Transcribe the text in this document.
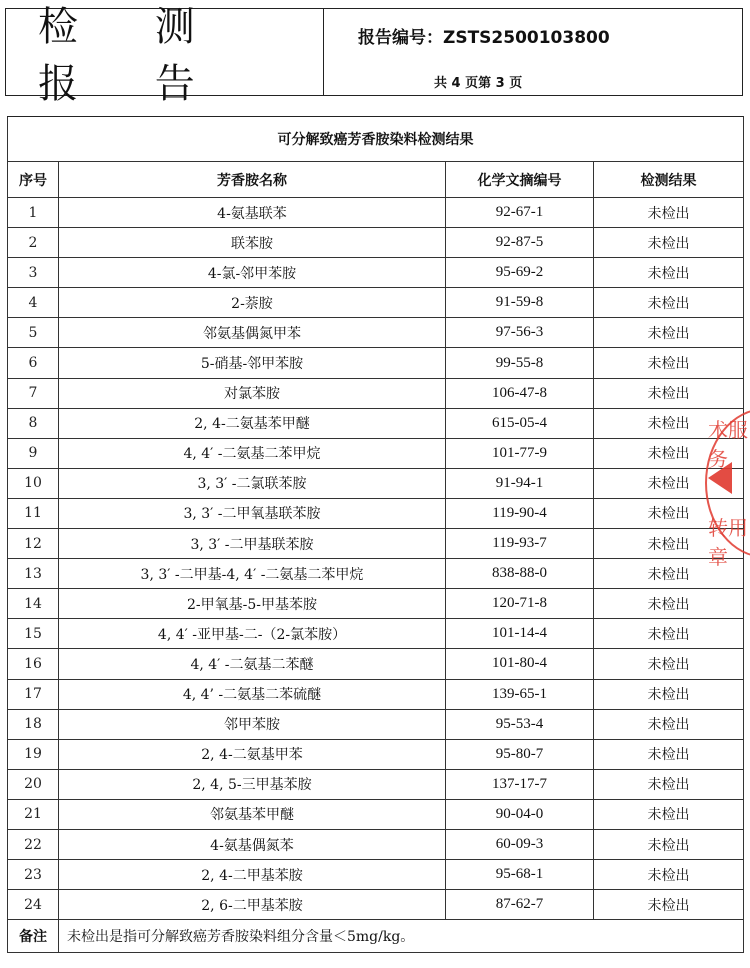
检 测 报 告
报告编号：ZSTS2500103800
共 4 页第 3 页
可分解致癌芳香胺染料检测结果			
序号	芳香胺名称	化学文摘编号	检测结果
1	4-氨基联苯	92-67-1	未检出
2	联苯胺	92-87-5	未检出
3	4-氯-邻甲苯胺	95-69-2	未检出
4	2-萘胺	91-59-8	未检出
5	邻氨基偶氮甲苯	97-56-3	未检出
6	5-硝基-邻甲苯胺	99-55-8	未检出
7	对氯苯胺	106-47-8	未检出
8	2, 4-二氨基苯甲醚	615-05-4	未检出
9	4, 4′ -二氨基二苯甲烷	101-77-9	未检出
10	3, 3′ -二氯联苯胺	91-94-1	未检出
11	3, 3′ -二甲氧基联苯胺	119-90-4	未检出
12	3, 3′ -二甲基联苯胺	119-93-7	未检出
13	3, 3′ -二甲基-4, 4′ -二氨基二苯甲烷	838-88-0	未检出
14	2-甲氧基-5-甲基苯胺	120-71-8	未检出
15	4, 4′ -亚甲基-二-（2-氯苯胺）	101-14-4	未检出
16	4, 4′ -二氨基二苯醚	101-80-4	未检出
17	4, 4’ -二氨基二苯硫醚	139-65-1	未检出
18	邻甲苯胺	95-53-4	未检出
19	2, 4-二氨基甲苯	95-80-7	未检出
20	2, 4, 5-三甲基苯胺	137-17-7	未检出
21	邻氨基苯甲醚	90-04-0	未检出
22	4-氨基偶氮苯	60-09-3	未检出
23	2, 4-二甲基苯胺	95-68-1	未检出
24	2, 6-二甲基苯胺	87-62-7	未检出
备注	未检出是指可分解致癌芳香胺染料组分含量＜5mg/kg。		
术服务
转用章
